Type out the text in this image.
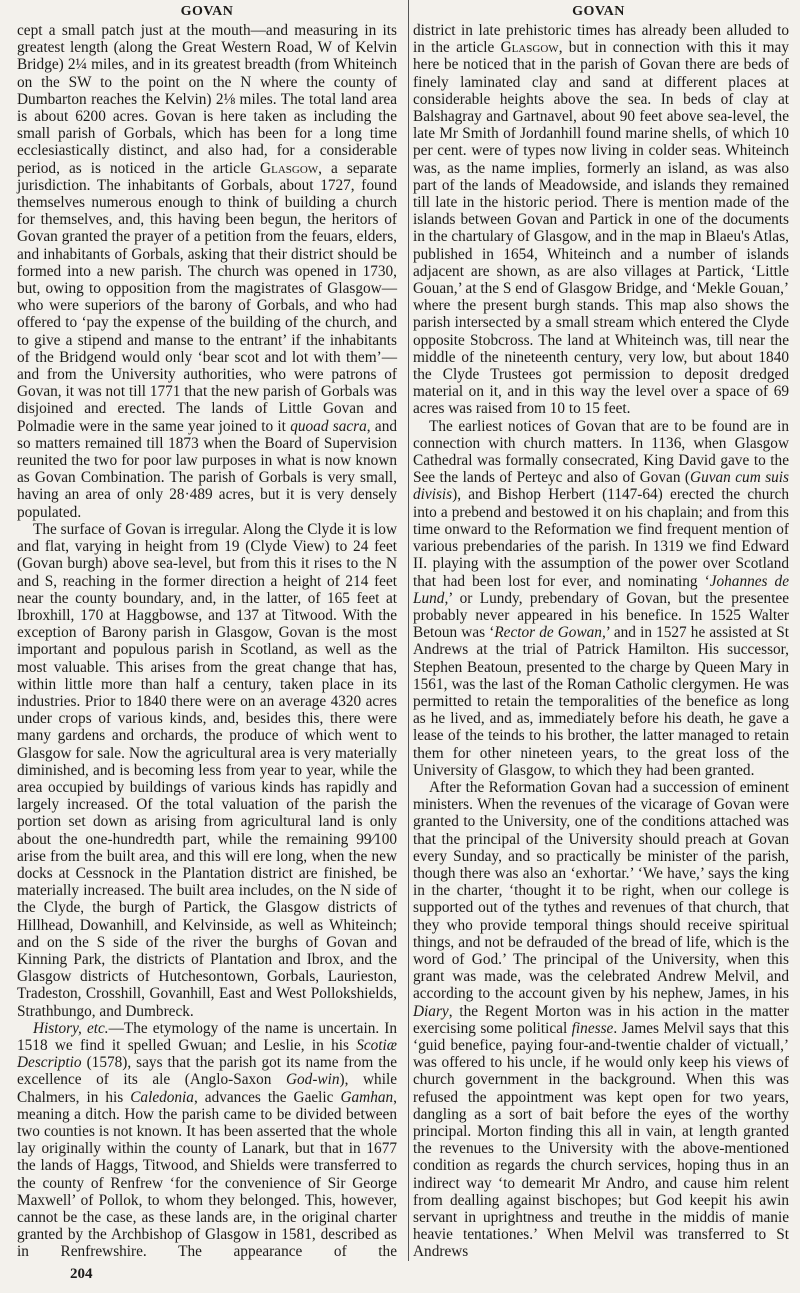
GOVAN

cept a small patch just at the mouth—and measuring in its greatest length (along the Great Western Road, W of Kelvin Bridge) 2¼ miles, and in its greatest breadth (from Whiteinch on the SW to the point on the N where the county of Dumbarton reaches the Kelvin) 2⅛ miles. The total land area is about 6200 acres. Govan is here taken as including the small parish of Gorbals, which has been for a long time ecclesiastically distinct, and also had, for a considerable period, as is noticed in the article Glasgow, a separate jurisdiction. The inhabitants of Gorbals, about 1727, found themselves numerous enough to think of building a church for themselves, and, this having been begun, the heritors of Govan granted the prayer of a petition from the feuars, elders, and inhabitants of Gorbals, asking that their district should be formed into a new parish. The church was opened in 1730, but, owing to opposition from the magistrates of Glasgow—who were superiors of the barony of Gorbals, and who had offered to ‘pay the expense of the building of the church, and to give a stipend and manse to the entrant’ if the inhabitants of the Bridgend would only ‘bear scot and lot with them’—and from the University authorities, who were patrons of Govan, it was not till 1771 that the new parish of Gorbals was disjoined and erected. The lands of Little Govan and Polmadie were in the same year joined to it quoad sacra, and so matters remained till 1873 when the Board of Supervision reunited the two for poor law purposes in what is now known as Govan Combination. The parish of Gorbals is very small, having an area of only 28·489 acres, but it is very densely populated.

The surface of Govan is irregular. Along the Clyde it is low and flat, varying in height from 19 (Clyde View) to 24 feet (Govan burgh) above sea-level, but from this it rises to the N and S, reaching in the former direction a height of 214 feet near the county boundary, and, in the latter, of 165 feet at Ibroxhill, 170 at Haggbowse, and 137 at Titwood. With the exception of Barony parish in Glasgow, Govan is the most important and populous parish in Scotland, as well as the most valuable. This arises from the great change that has, within little more than half a century, taken place in its industries. Prior to 1840 there were on an average 4320 acres under crops of various kinds, and, besides this, there were many gardens and orchards, the produce of which went to Glasgow for sale. Now the agricultural area is very materially diminished, and is becoming less from year to year, while the area occupied by buildings of various kinds has rapidly and largely increased. Of the total valuation of the parish the portion set down as arising from agricultural land is only about the one-hundredth part, while the remaining 99 ⁄ 100 arise from the built area, and this will ere long, when the new docks at Cessnock in the Plantation district are finished, be materially increased. The built area includes, on the N side of the Clyde, the burgh of Partick, the Glasgow districts of Hillhead, Dowanhill, and Kelvinside, as well as Whiteinch; and on the S side of the river the burghs of Govan and Kinning Park, the districts of Plantation and Ibrox, and the Glasgow districts of Hutchesontown, Gorbals, Laurieston, Tradeston, Crosshill, Govanhill, East and West Pollokshields, Strathbungo, and Dumbreck.

History, etc.—The etymology of the name is uncertain. In 1518 we find it spelled Gwuan; and Leslie, in his Scotiæ Descriptio (1578), says that the parish got its name from the excellence of its ale (Anglo-Saxon God-win), while Chalmers, in his Caledonia, advances the Gaelic Gamhan, meaning a ditch. How the parish came to be divided between two counties is not known. It has been asserted that the whole lay originally within the county of Lanark, but that in 1677 the lands of Haggs, Titwood, and Shields were transferred to the county of Renfrew ‘for the convenience of Sir George Maxwell’ of Pollok, to whom they belonged. This, however, cannot be the case, as these lands are, in the original charter granted by the Archbishop of Glasgow in 1581, described as in Renfrewshire. The appearance of the

204
GOVAN

district in late prehistoric times has already been alluded to in the article Glasgow, but in connection with this it may here be noticed that in the parish of Govan there are beds of finely laminated clay and sand at different places at considerable heights above the sea. In beds of clay at Balshagray and Gartnavel, about 90 feet above sea-level, the late Mr Smith of Jordanhill found marine shells, of which 10 per cent. were of types now living in colder seas. Whiteinch was, as the name implies, formerly an island, as was also part of the lands of Meadowside, and islands they remained till late in the historic period. There is mention made of the islands between Govan and Partick in one of the documents in the chartulary of Glasgow, and in the map in Blaeu's Atlas, published in 1654, Whiteinch and a number of islands adjacent are shown, as are also villages at Partick, ‘Little Gouan,’ at the S end of Glasgow Bridge, and ‘Mekle Gouan,’ where the present burgh stands. This map also shows the parish intersected by a small stream which entered the Clyde opposite Stobcross. The land at Whiteinch was, till near the middle of the nineteenth century, very low, but about 1840 the Clyde Trustees got permission to deposit dredged material on it, and in this way the level over a space of 69 acres was raised from 10 to 15 feet.

The earliest notices of Govan that are to be found are in connection with church matters. In 1136, when Glasgow Cathedral was formally consecrated, King David gave to the See the lands of Perteyc and also of Govan (Guvan cum suis divisis), and Bishop Herbert (1147-64) erected the church into a prebend and bestowed it on his chaplain; and from this time onward to the Reformation we find frequent mention of various prebendaries of the parish. In 1319 we find Edward II. playing with the assumption of the power over Scotland that had been lost for ever, and nominating ‘Johannes de Lund,’ or Lundy, prebendary of Govan, but the presentee probably never appeared in his benefice. In 1525 Walter Betoun was ‘Rector de Gowan,’ and in 1527 he assisted at St Andrews at the trial of Patrick Hamilton. His successor, Stephen Beatoun, presented to the charge by Queen Mary in 1561, was the last of the Roman Catholic clergymen. He was permitted to retain the temporalities of the benefice as long as he lived, and as, immediately before his death, he gave a lease of the teinds to his brother, the latter managed to retain them for other nineteen years, to the great loss of the University of Glasgow, to which they had been granted.

After the Reformation Govan had a succession of eminent ministers. When the revenues of the vicarage of Govan were granted to the University, one of the conditions attached was that the principal of the University should preach at Govan every Sunday, and so practically be minister of the parish, though there was also an ‘exhortar.’ ‘We have,’ says the king in the charter, ‘thought it to be right, when our college is supported out of the tythes and revenues of that church, that they who provide temporal things should receive spiritual things, and not be defrauded of the bread of life, which is the word of God.’ The principal of the University, when this grant was made, was the celebrated Andrew Melvil, and according to the account given by his nephew, James, in his Diary, the Regent Morton was in his action in the matter exercising some political finesse. James Melvil says that this ‘guid benefice, paying four-and-twentie chalder of victuall,’ was offered to his uncle, if he would only keep his views of church government in the background. When this was refused the appointment was kept open for two years, dangling as a sort of bait before the eyes of the worthy principal. Morton finding this all in vain, at length granted the revenues to the University with the above-mentioned condition as regards the church services, hoping thus in an indirect way ‘to demearit Mr Andro, and cause him relent from dealling against bischopes; but God keepit his awin servant in uprightness and treuthe in the middis of manie heavie tentationes.’ When Melvil was transferred to St Andrews
